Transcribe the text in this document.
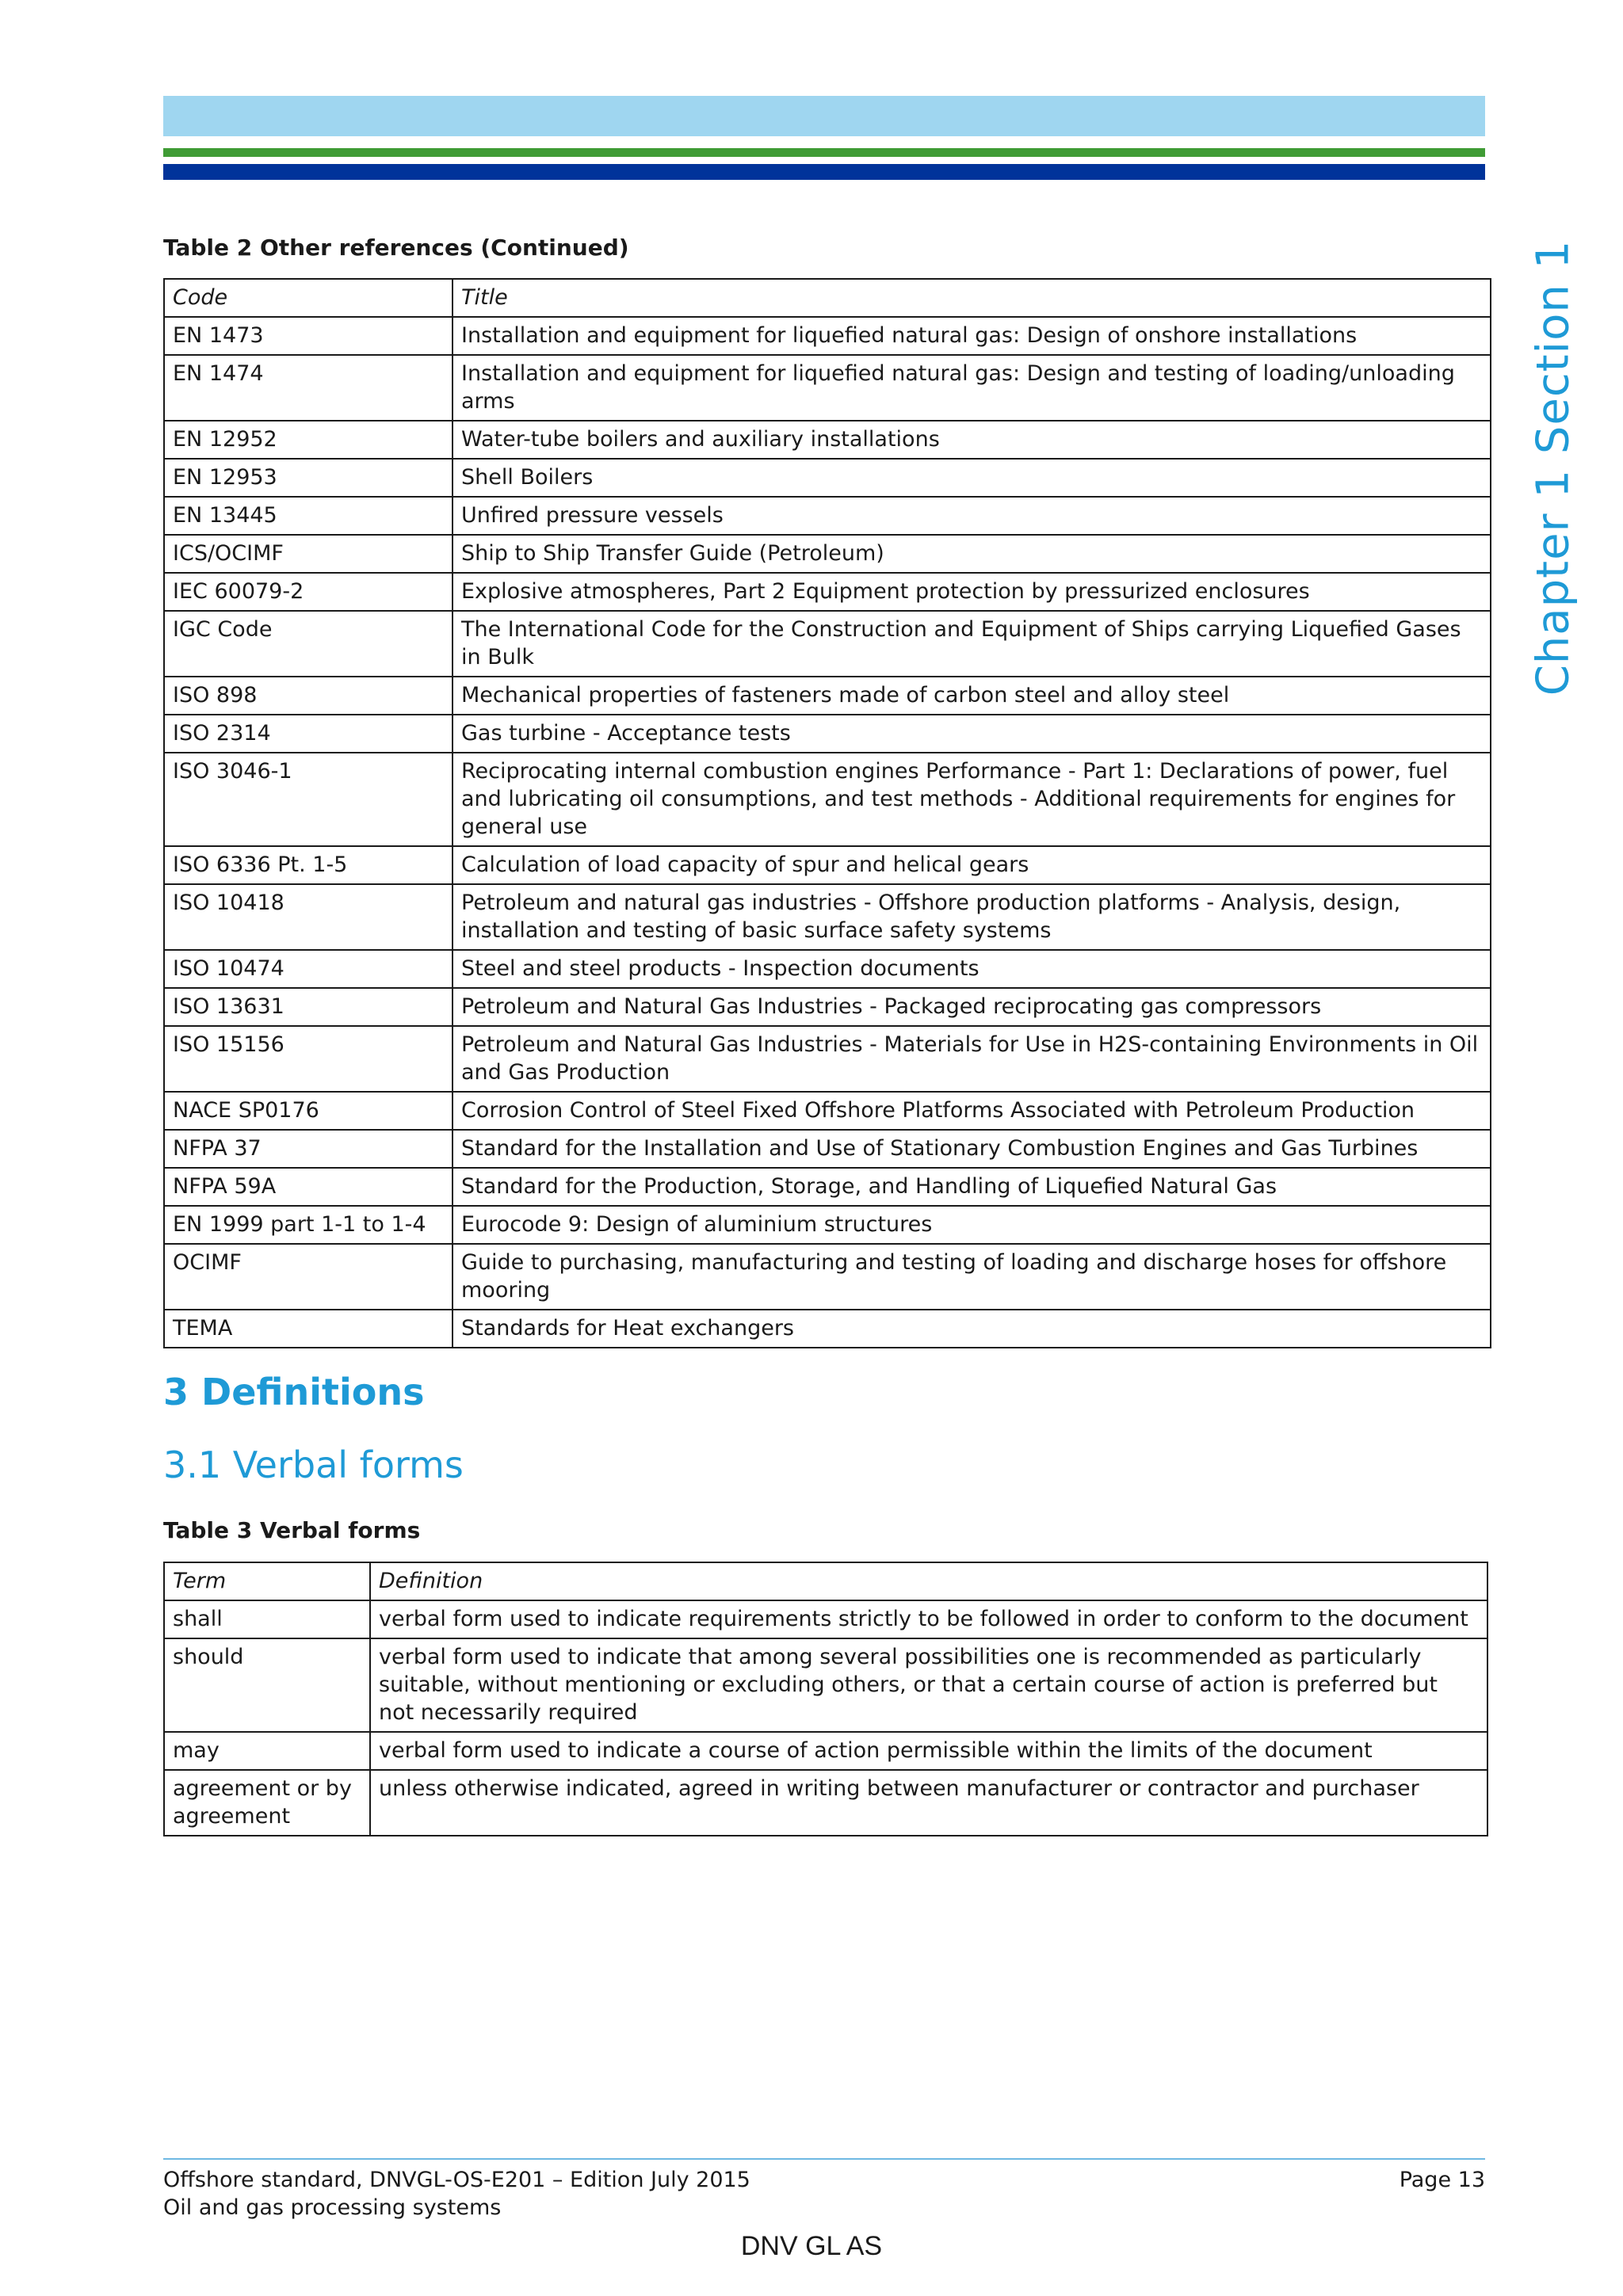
Chapter 1 Section 1
Table 2 Other references (Continued)
Code	Title
EN 1473	Installation and equipment for liquefied natural gas: Design of onshore installations
EN 1474	Installation and equipment for liquefied natural gas: Design and testing of loading/unloading arms
EN 12952	Water-tube boilers and auxiliary installations
EN 12953	Shell Boilers
EN 13445	Unfired pressure vessels
ICS/OCIMF	Ship to Ship Transfer Guide (Petroleum)
IEC 60079-2	Explosive atmospheres, Part 2 Equipment protection by pressurized enclosures
IGC Code	The International Code for the Construction and Equipment of Ships carrying Liquefied Gases in Bulk
ISO 898	Mechanical properties of fasteners made of carbon steel and alloy steel
ISO 2314	Gas turbine - Acceptance tests
ISO 3046-1	Reciprocating internal combustion engines Performance - Part 1: Declarations of power, fuel and lubricating oil consumptions, and test methods - Additional requirements for engines for general use
ISO 6336 Pt. 1-5	Calculation of load capacity of spur and helical gears
ISO 10418	Petroleum and natural gas industries - Offshore production platforms - Analysis, design, installation and testing of basic surface safety systems
ISO 10474	Steel and steel products - Inspection documents
ISO 13631	Petroleum and Natural Gas Industries - Packaged reciprocating gas compressors
ISO 15156	Petroleum and Natural Gas Industries - Materials for Use in H2S-containing Environments in Oil and Gas Production
NACE SP0176	Corrosion Control of Steel Fixed Offshore Platforms Associated with Petroleum Production
NFPA 37	Standard for the Installation and Use of Stationary Combustion Engines and Gas Turbines
NFPA 59A	Standard for the Production, Storage, and Handling of Liquefied Natural Gas
EN 1999 part 1-1 to 1-4	Eurocode 9: Design of aluminium structures
OCIMF	Guide to purchasing, manufacturing and testing of loading and discharge hoses for offshore mooring
TEMA	Standards for Heat exchangers
3 Definitions
3.1 Verbal forms
Table 3 Verbal forms
Term	Definition
shall	verbal form used to indicate requirements strictly to be followed in order to conform to the document
should	verbal form used to indicate that among several possibilities one is recommended as particularly suitable, without mentioning or excluding others, or that a certain course of action is preferred but not necessarily required
may	verbal form used to indicate a course of action permissible within the limits of the document
agreement or by agreement	unless otherwise indicated, agreed in writing between manufacturer or contractor and purchaser
Offshore standard, DNVGL-OS-E201 – Edition July 2015
Oil and gas processing systems
Page 13
DNV GL AS
